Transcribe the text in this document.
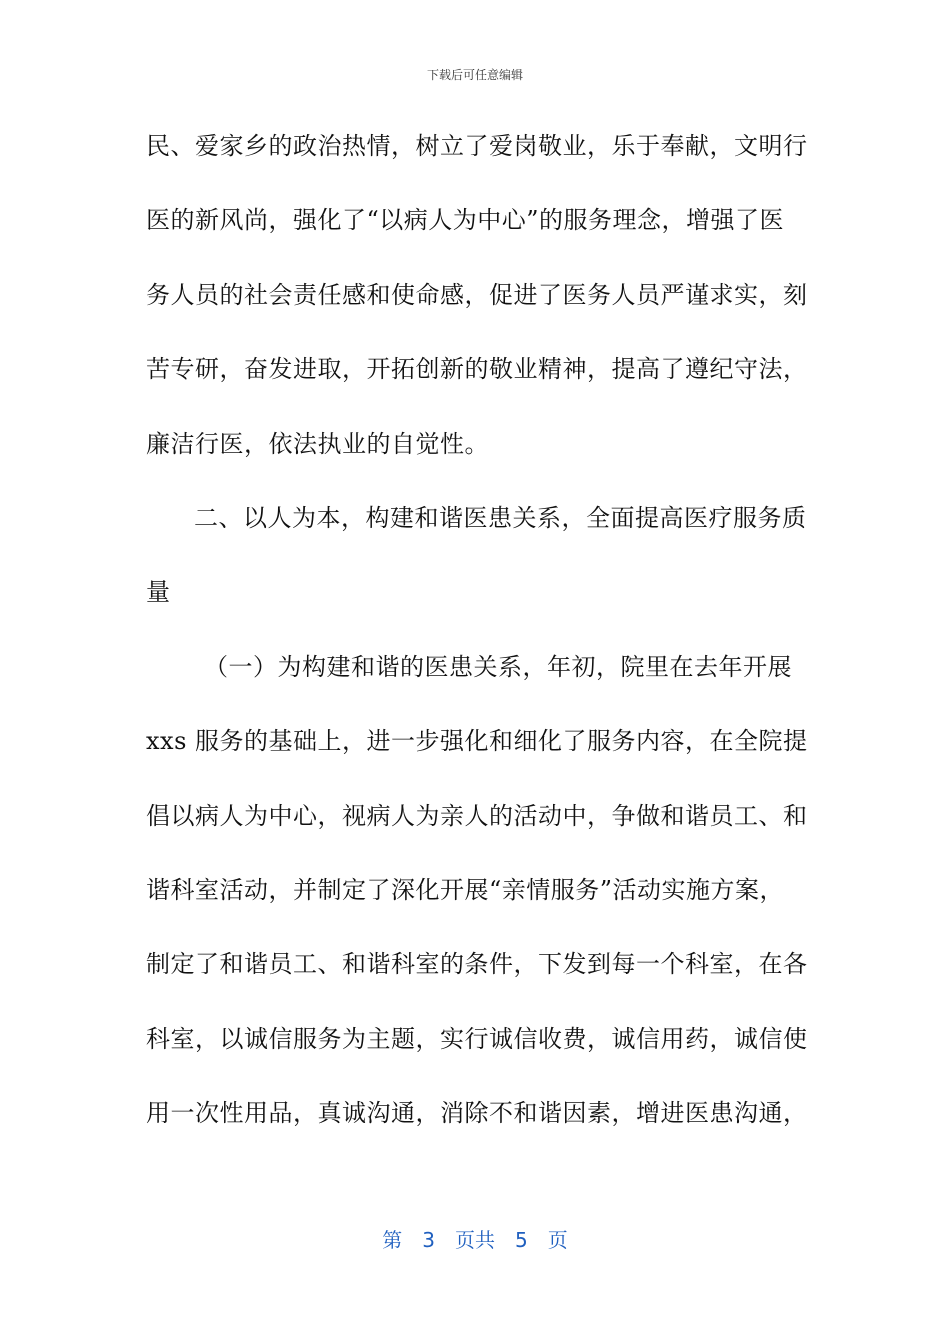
下载后可任意编辑
民、爱家乡的政治热情，树立了爱岗敬业，乐于奉献，文明行
医的新风尚，强化了“以病人为中心”的服务理念，增强了医
务人员的社会责任感和使命感，促进了医务人员严谨求实，刻
苦专研，奋发进取，开拓创新的敬业精神，提高了遵纪守法，
廉洁行医，依法执业的自觉性。
二、以人为本，构建和谐医患关系，全面提高医疗服务质
量
（一）为构建和谐的医患关系，年初，院里在去年开展
xxs 服务的基础上，进一步强化和细化了服务内容，在全院提
倡以病人为中心，视病人为亲人的活动中，争做和谐员工、和
谐科室活动，并制定了深化开展“亲情服务”活动实施方案，
制定了和谐员工、和谐科室的条件，下发到每一个科室，在各
科室，以诚信服务为主题，实行诚信收费，诚信用药，诚信使
用一次性用品，真诚沟通，消除不和谐因素，增进医患沟通，
第 3 页共 5 页
